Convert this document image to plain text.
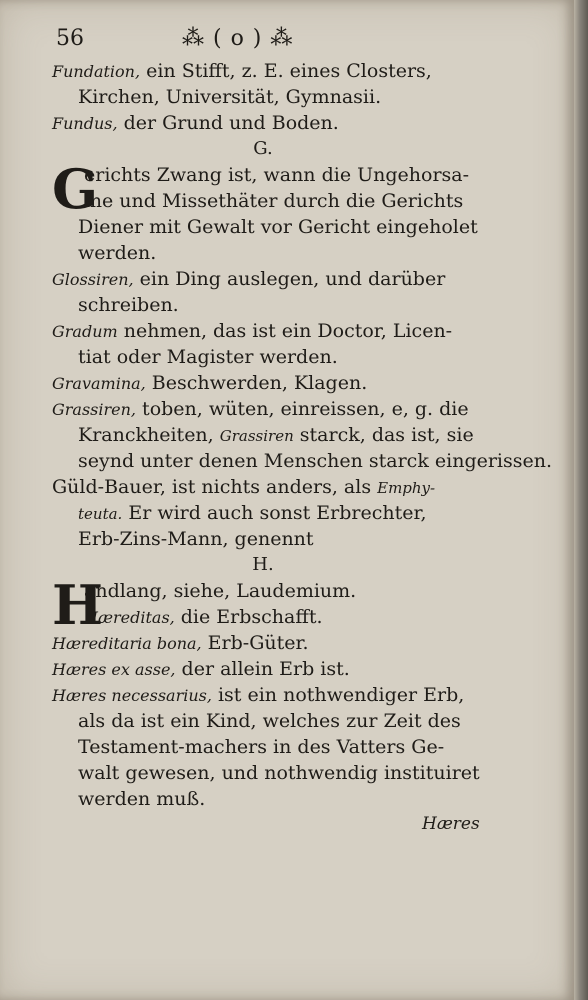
56	⁂ ( o ) ⁂
Fundation, ein Stifft, z. E. eines Closters,
Kirchen, Universität, Gymnasii.
Fundus, der Grund und Boden.
G.
G
erichts Zwang ist, wann die Ungehorsa-
me und Missethäter durch die Gerichts
Diener mit Gewalt vor Gericht eingeholet
werden.
Glossiren, ein Ding auslegen, und darüber
schreiben.
Gradum nehmen, das ist ein Doctor, Licen-
tiat oder Magister werden.
Gravamina, Beschwerden, Klagen.
Grassiren, toben, wüten, einreissen, e, g. die
Kranckheiten, Grassiren starck, das ist, sie
seynd unter denen Menschen starck eingerissen.
Güld-Bauer, ist nichts anders, als Emphy-
teuta. Er wird auch sonst Erbrechter,
Erb-Zins-Mann, genennt
H.
H
andlang, siehe, Laudemium.
Hæreditas, die Erbschafft.
Hæreditaria bona, Erb-Güter.
Hæres ex asse, der allein Erb ist.
Hæres necessarius, ist ein nothwendiger Erb,
als da ist ein Kind, welches zur Zeit des
Testament-machers in des Vatters Ge-
walt gewesen, und nothwendig instituiret
werden muß.
Hæres
